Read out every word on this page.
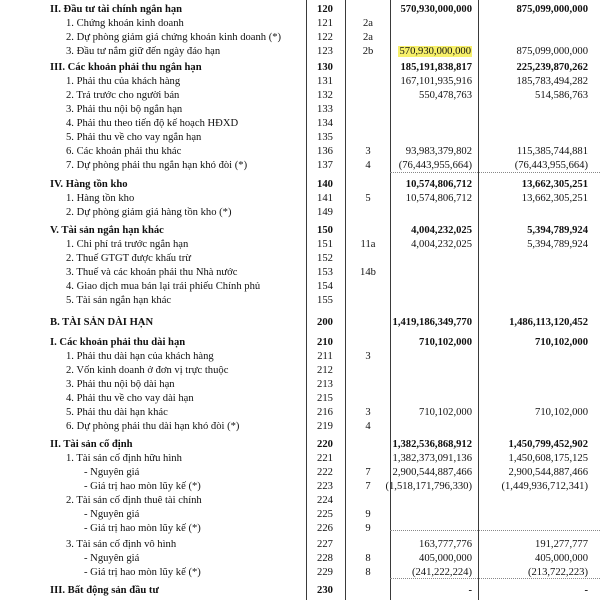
II. Đầu tư tài chính ngắn hạn	120	570,930,000,000	875,099,000,000
1. Chứng khoán kinh doanh	121	2a
2. Dự phòng giảm giá chứng khoán kinh doanh (*)	122	2a
3. Đầu tư nắm giữ đến ngày đáo hạn	123	2b	570,930,000,000	875,099,000,000
III. Các khoản phải thu ngắn hạn	130	185,191,838,817	225,239,870,262
1. Phải thu của khách hàng	131	167,101,935,916	185,783,494,282
2. Trả trước cho người bán	132	550,478,763	514,586,763
3. Phải thu nội bộ ngắn hạn	133
4. Phải thu theo tiến độ kế hoạch HĐXD	134
5. Phải thu về cho vay ngắn hạn	135
6. Các khoản phải thu khác	136	3	93,983,379,802	115,385,744,881
7. Dự phòng phải thu ngắn hạn khó đòi (*)	137	4	(76,443,955,664)	(76,443,955,664)
IV. Hàng tồn kho	140	10,574,806,712	13,662,305,251
1. Hàng tồn kho	141	5	10,574,806,712	13,662,305,251
2. Dự phòng giảm giá hàng tồn kho (*)	149
V. Tài sản ngắn hạn khác	150	4,004,232,025	5,394,789,924
1. Chi phí trả trước ngắn hạn	151	11a	4,004,232,025	5,394,789,924
2. Thuế GTGT được khấu trừ	152
3. Thuế và các khoản phải thu Nhà nước	153	14b
4. Giao dịch mua bán lại trái phiếu Chính phủ	154
5. Tài sản ngắn hạn khác	155
B. TÀI SẢN DÀI HẠN	200	1,419,186,349,770	1,486,113,120,452
I. Các khoản phải thu dài hạn	210	710,102,000	710,102,000
1. Phải thu dài hạn của khách hàng	211	3
2. Vốn kinh doanh ở đơn vị trực thuộc	212
3. Phải thu nội bộ dài hạn	213
4. Phải thu về cho vay dài hạn	215
5. Phải thu dài hạn khác	216	3	710,102,000	710,102,000
6. Dự phòng phải thu dài hạn khó đòi (*)	219	4
II. Tài sản cố định	220	1,382,536,868,912	1,450,799,452,902
1. Tài sản cố định hữu hình	221	1,382,373,091,136	1,450,608,175,125
- Nguyên giá	222	7	2,900,544,887,466	2,900,544,887,466
- Giá trị hao mòn lũy kế (*)	223	7	(1,518,171,796,330)	(1,449,936,712,341)
2. Tài sản cố định thuê tài chính	224
- Nguyên giá	225	9
- Giá trị hao mòn lũy kế (*)	226	9
3. Tài sản cố định vô hình	227	163,777,776	191,277,777
- Nguyên giá	228	8	405,000,000	405,000,000
- Giá trị hao mòn lũy kế (*)	229	8	(241,222,224)	(213,722,223)
III. Bất động sản đầu tư	230	-	-
